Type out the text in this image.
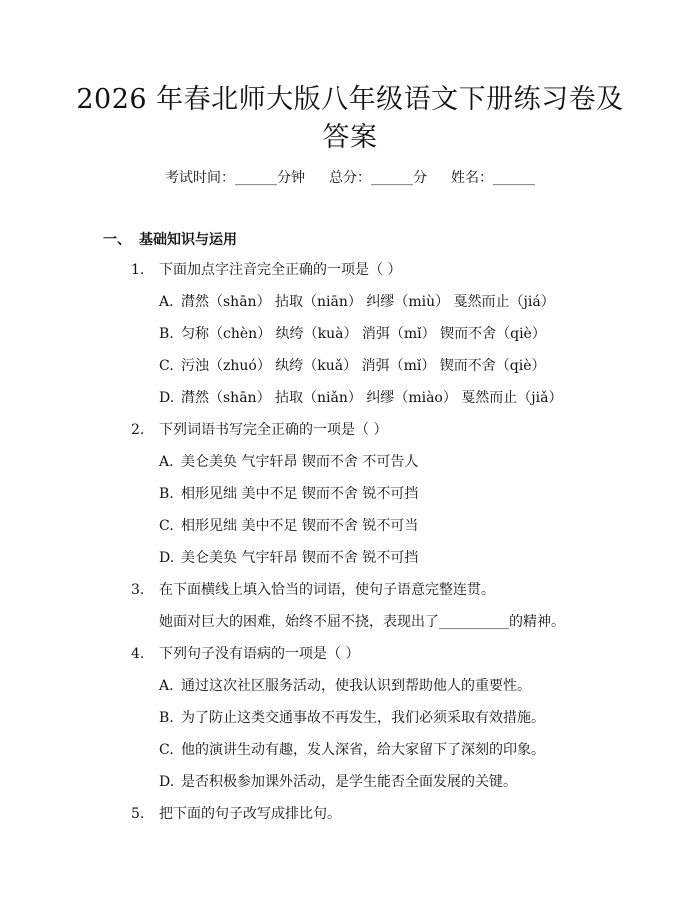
2026 年春北师大版八年级语文下册练习卷及
答案
考试时间：______分钟 总分：______分 姓名：______
一、 基础知识与运用
1. 下面加点字注音完全正确的一项是（ ）
A. 潸然（shān） 拈取（niān） 纠缪（miù） 戛然而止（jiá）
B. 匀称（chèn） 纨绔（kuà） 消弭（mǐ） 锲而不舍（qiè）
C. 污浊（zhuó） 纨绔（kuǎ） 消弭（mǐ） 锲而不舍（qiè）
D. 潸然（shān） 拈取（niǎn） 纠缪（miào） 戛然而止（jiǎ）
2. 下列词语书写完全正确的一项是（ ）
A. 美仑美奂 气宇轩昂 锲而不舍 不可告人
B. 相形见绌 美中不足 锲而不舍 锐不可挡
C. 相形见绌 美中不足 锲而不舍 锐不可当
D. 美仑美奂 气宇轩昂 锲而不舍 锐不可挡
3. 在下面横线上填入恰当的词语，使句子语意完整连贯。
她面对巨大的困难，始终不屈不挠，表现出了__________的精神。
4. 下列句子没有语病的一项是（ ）
A. 通过这次社区服务活动，使我认识到帮助他人的重要性。
B. 为了防止这类交通事故不再发生，我们必须采取有效措施。
C. 他的演讲生动有趣，发人深省，给大家留下了深刻的印象。
D. 是否积极参加课外活动，是学生能否全面发展的关键。
5. 把下面的句子改写成排比句。
